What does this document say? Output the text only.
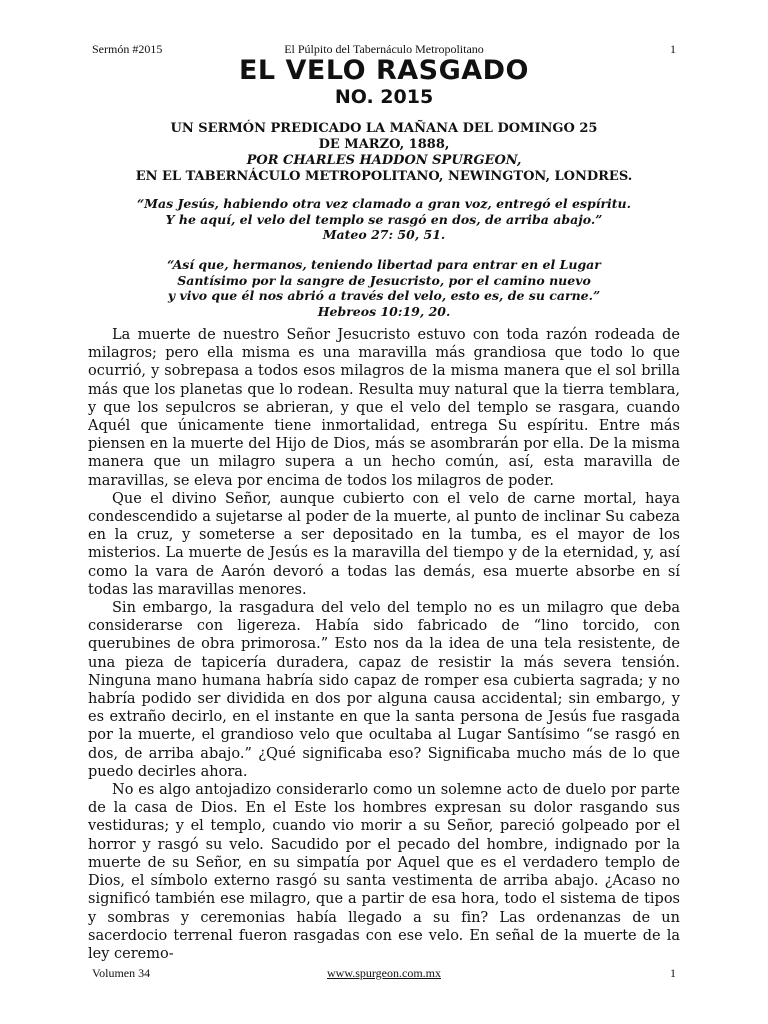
Sermón #2015	El Púlpito del Tabernáculo Metropolitano	1
EL VELO RASGADO
NO. 2015
UN SERMÓN PREDICADO LA MAÑANA DEL DOMINGO 25
DE MARZO, 1888,
POR CHARLES HADDON SPURGEON,
EN EL TABERNÁCULO METROPOLITANO, NEWINGTON, LONDRES.
“Mas Jesús, habiendo otra vez clamado a gran voz, entregó el espíritu.
Y he aquí, el velo del templo se rasgó en dos, de arriba abajo.”
Mateo 27: 50, 51.
“Así que, hermanos, teniendo libertad para entrar en el Lugar
Santísimo por la sangre de Jesucristo, por el camino nuevo
y vivo que él nos abrió a través del velo, esto es, de su carne.”
Hebreos 10:19, 20.

La muerte de nuestro Señor Jesucristo estuvo con toda razón rodeada de milagros; pero ella misma es una maravilla más grandiosa que todo lo que ocurrió, y sobrepasa a todos esos milagros de la misma manera que el sol brilla más que los planetas que lo rodean. Resulta muy natural que la tierra temblara, y que los sepulcros se abrieran, y que el velo del templo se rasgara, cuando Aquél que únicamente tiene inmortalidad, entrega Su espíritu. Entre más piensen en la muerte del Hijo de Dios, más se asombrarán por ella. De la misma manera que un milagro supera a un hecho común, así, esta maravilla de maravillas, se eleva por encima de todos los milagros de poder.

Que el divino Señor, aunque cubierto con el velo de carne mortal, haya condescendido a sujetarse al poder de la muerte, al punto de inclinar Su cabeza en la cruz, y someterse a ser depositado en la tumba, es el mayor de los misterios. La muerte de Jesús es la maravilla del tiempo y de la eternidad, y, así como la vara de Aarón devoró a todas las demás, esa muerte absorbe en sí todas las maravillas menores.

Sin embargo, la rasgadura del velo del templo no es un milagro que deba considerarse con ligereza. Había sido fabricado de “lino torcido, con querubines de obra primorosa.” Esto nos da la idea de una tela resistente, de una pieza de tapicería duradera, capaz de resistir la más severa tensión. Ninguna mano humana habría sido capaz de romper esa cubierta sagrada; y no habría podido ser dividida en dos por alguna causa accidental; sin embargo, y es extraño decirlo, en el instante en que la santa persona de Jesús fue rasgada por la muerte, el grandioso velo que ocultaba al Lugar Santísimo “se rasgó en dos, de arriba abajo.” ¿Qué significaba eso? Significaba mucho más de lo que puedo decirles ahora.

No es algo antojadizo considerarlo como un solemne acto de duelo por parte de la casa de Dios. En el Este los hombres expresan su dolor rasgando sus vestiduras; y el templo, cuando vio morir a su Señor, pareció golpeado por el horror y rasgó su velo. Sacudido por el pecado del hombre, indignado por la muerte de su Señor, en su simpatía por Aquel que es el verdadero templo de Dios, el símbolo externo rasgó su santa vestimenta de arriba abajo. ¿Acaso no significó también ese milagro, que a partir de esa hora, todo el sistema de tipos y sombras y ceremonias había llegado a su fin? Las ordenanzas de un sacerdocio terrenal fueron rasgadas con ese velo. En señal de la muerte de la ley ceremo-

Volumen 34	www.spurgeon.com.mx	1
